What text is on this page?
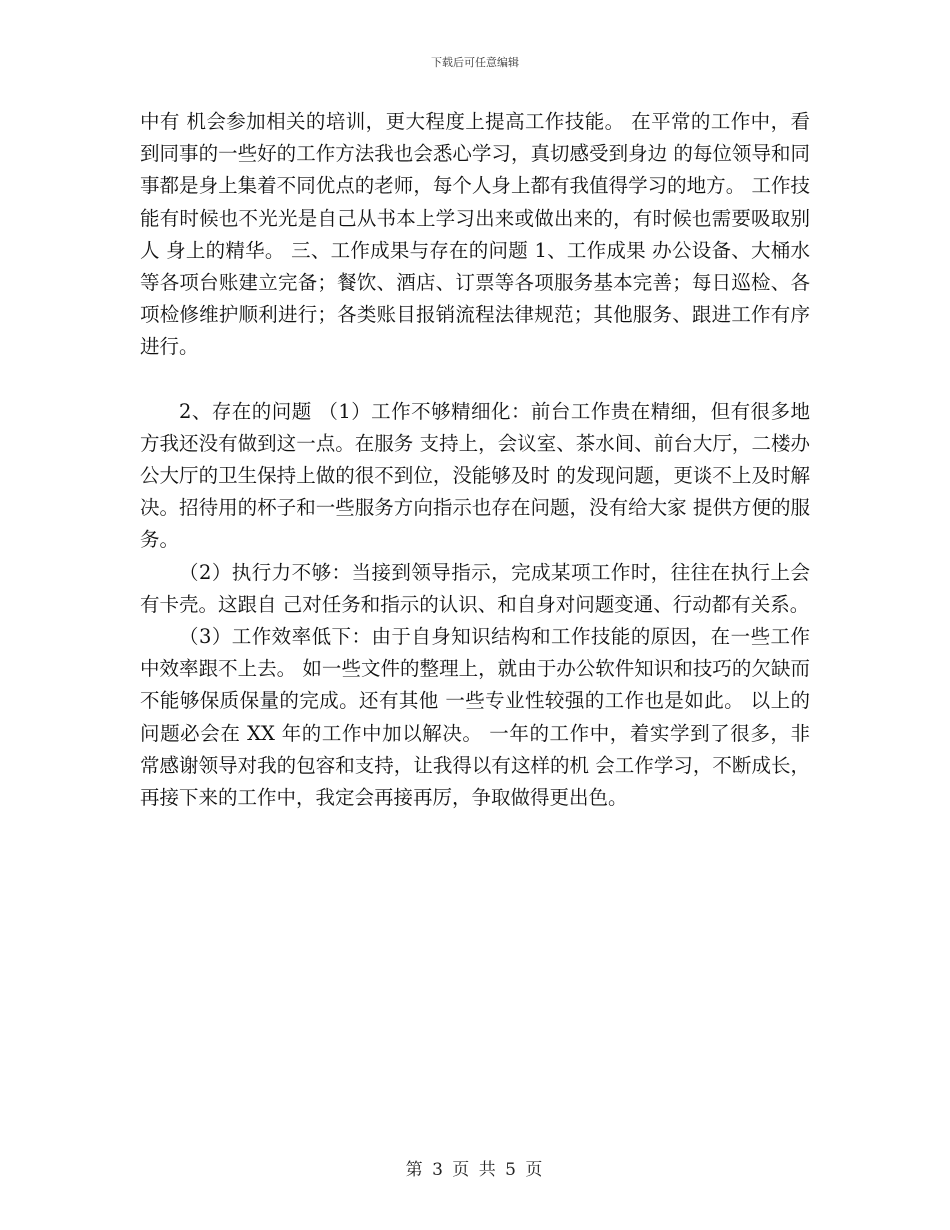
下载后可任意编辑

中有 机会参加相关的培训，更大程度上提高工作技能。 在平常的工作中，看到同事的一些好的工作方法我也会悉心学习，真切感受到身边 的每位领导和同事都是身上集着不同优点的老师，每个人身上都有我值得学习的地方。 工作技能有时候也不光光是自己从书本上学习出来或做出来的，有时候也需要吸取别人 身上的精华。 三、工作成果与存在的问题 1、工作成果 办公设备、大桶水等各项台账建立完备；餐饮、酒店、订票等各项服务基本完善；每日巡检、各项检修维护顺利进行；各类账目报销流程法律规范；其他服务、跟进工作有序进行。

2、存在的问题 （1）工作不够精细化：前台工作贵在精细，但有很多地方我还没有做到这一点。在服务 支持上，会议室、茶水间、前台大厅，二楼办公大厅的卫生保持上做的很不到位，没能够及时 的发现问题，更谈不上及时解决。招待用的杯子和一些服务方向指示也存在问题，没有给大家 提供方便的服务。

（2）执行力不够：当接到领导指示，完成某项工作时，往往在执行上会有卡壳。这跟自 己对任务和指示的认识、和自身对问题变通、行动都有关系。

（3）工作效率低下：由于自身知识结构和工作技能的原因，在一些工作中效率跟不上去。 如一些文件的整理上，就由于办公软件知识和技巧的欠缺而不能够保质保量的完成。还有其他 一些专业性较强的工作也是如此。 以上的问题必会在 XX 年的工作中加以解决。 一年的工作中，着实学到了很多，非常感谢领导对我的包容和支持，让我得以有这样的机 会工作学习，不断成长，再接下来的工作中，我定会再接再厉，争取做得更出色。

第 3 页 共 5 页
